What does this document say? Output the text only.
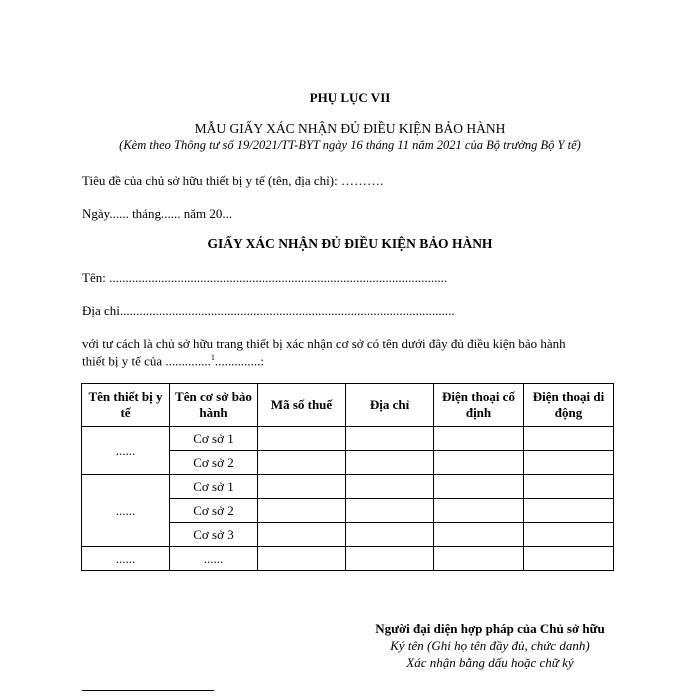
PHỤ LỤC VII
MẪU GIẤY XÁC NHẬN ĐỦ ĐIỀU KIỆN BẢO HÀNH
(Kèm theo Thông tư số 19/2021/TT-BYT ngày 16 tháng 11 năm 2021 của Bộ trưởng Bộ Y tế)
Tiêu đề của chủ sở hữu thiết bị y tế (tên, địa chỉ): ……….
Ngày...... tháng...... năm 20...
GIẤY XÁC NHẬN ĐỦ ĐIỀU KIỆN BẢO HÀNH
Tên: ........................................................................................................
Địa chỉ.......................................................................................................
với tư cách là chủ sở hữu trang thiết bị xác nhận cơ sở có tên dưới đây đủ điều kiện bảo hành
thiết bị y tế của ..............$^1$..............:
Tên thiết bị y tế	Tên cơ sở bảo hành	Mã số thuế	Địa chỉ	Điện thoại cố định	Điện thoại di động
......	Cơ sở 1				
	Cơ sở 2				
......	Cơ sở 1				
	Cơ sở 2				
	Cơ sở 3				
......	......				
Người đại diện hợp pháp của Chủ sở hữu
Ký tên (Ghi họ tên đầy đủ, chức danh)
Xác nhận bằng dấu hoặc chữ ký
